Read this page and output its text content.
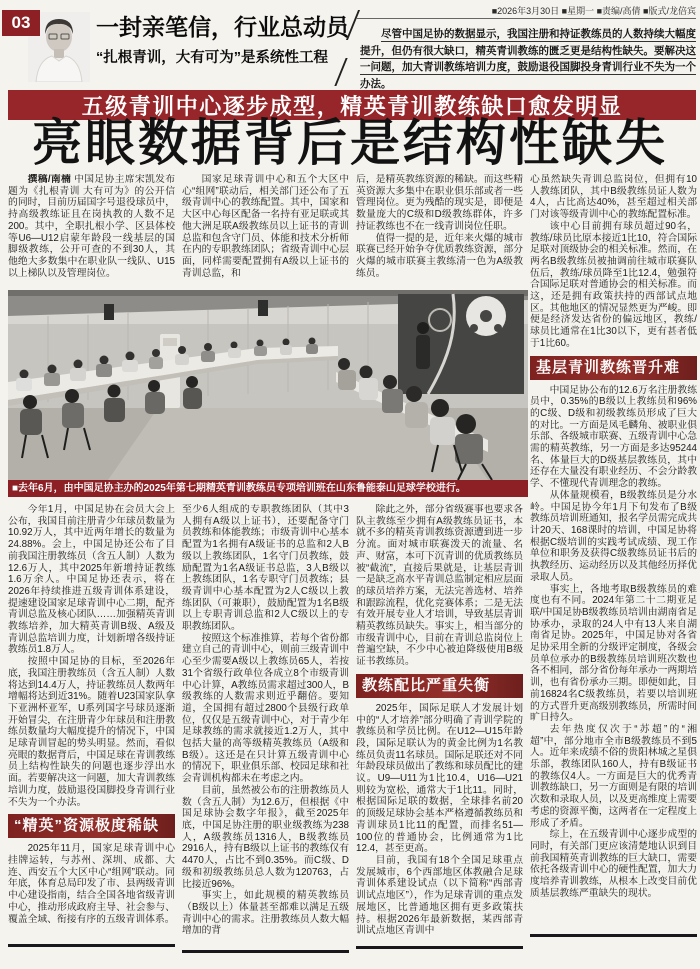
03	一封亲笔信，行业总动员
“扎根青训，大有可为”是系统性工程
■2026年3月30日 ■星期一 ■责编/高倩 ■版式/龙倍宾

尽管中国足协的数据显示，我国注册和持证教练员的人数持续大幅度提升，但仍有很大缺口，精英青训教练的匮乏更是结构性缺失。要解决这一问题，加大青训教练培训力度，鼓励退役国脚投身青训行业不失为一个办法。

五级青训中心逐步成型，精英青训教练缺口愈发明显
亮眼数据背后是结构性缺失

撰稿/南楠 中国足协主席宋凯发布题为《扎根青训 大有可为》的公开信的同时，目前历届国字号退役球员中，持高级教练证且在岗执教的人数不足200。其中，全职扎根小学、区县体校等U6—U12启蒙年龄段一线基层的国脚级教练，公开可查的不到30人，其他绝大多数集中在职业队一线队、U15以上梯队以及管理岗位。

国家足球青训中心和五个大区中心“组网”联动后，相关部门还公布了五级青训中心的教练配置。其中，国家和大区中心每区配备一名持有亚足联或其他大洲足联A级教练员以上证书的青训总监和包含守门员、体能和技术分析师在内的专职教练团队；省级青训中心层面，同样需要配置拥有A级以上证书的青训总监，和

后，是精英教练资源的稀缺。而这些精英资源大多集中在职业俱乐部或者一些管理岗位。更为残酷的现实是，即便是数量庞大的C级和D级教练群体，许多持证教练也不在一线青训岗位任职。

值得一提的是，近年来火爆的城市联赛已经开始争夺优质教练资源，部分火爆的城市联赛主教练清一色为A级教练员。

心虽然缺失青训总监岗位，但拥有10人教练团队，其中B级教练员证人数为4人，占比高达40%，甚至超过相关部门对该等级青训中心的教练配置标准。

该中心目前拥有球员超过90名，教练/球员比原本接近1比10，符合国际足联对顶级协会的相关标准。然而，在两名B级教练员被抽调前往城市联赛队伍后，教练/球员降至1比12.4，勉强符合国际足联对普通协会的相关标准。而这，还是拥有政策扶持的西部试点地区。其他地区的情况显然更为严峻。即便是经济发达省份的偏远地区，教练/球员比通常在1比30以下，更有甚者低于1比60。

基层青训教练晋升难

中国足协公布的12.6万名注册教练员中，0.35%的B级以上教练员和96%的C级、D级和初级教练员形成了巨大的对比。一方面是凤毛麟角、被职业俱乐部、各级城市联赛、五级青训中心急需的精英教练，另一方面是多达95244名、体量巨大的D级基层教练员，其中还存在大量没有职业经历、不会分龄教学、不懂现代青训理念的教练。

从体量规模看，B级教练员是分水岭。中国足协今年1月下旬发布了B级教练员培训班通知，报名学员需完成共计20天、168课时的培训，中国足协将根据C级培训的实践考试成绩、现工作单位和职务及获得C级教练员证书后的执教经历、运动经历以及其他经历择优录取人员。

事实上，各地考取B级教练员的难度也有不同。2024年第二十二期亚足联/中国足协B级教练员培训由湖南省足协承办，录取的24人中有13人来自湖南省足协。2025年，中国足协对各省足协采用全新的分级评定制度，各级会员单位承办的B级教练员培训班次数也各不相同，部分省份每年承办一两期培训，也有省份承办三期。即便如此，目前16824名C级教练员，若要以培训班的方式晋升更高级别教练员，所需时间旷日持久。

去年热度仅次于“苏超”的“湘超”中，部分地市全市B级教练员不到5人。近年来成绩不俗的贵阳林城之星俱乐部，教练团队160人，持有B级证书的教练仅4人。一方面是巨大的优秀青训教练缺口，另一方面则是有限的培训次数和录取人员，以及更高维度上需要考虑的资源平衡，这两者在一定程度上形成了矛盾。

综上，在五级青训中心逐步成型的同时，有关部门更应该清楚地认识到目前我国精英青训教练的巨大缺口，需要依托各级青训中心的硬性配置，加大力度培养青训教练，从根本上改变目前优质基层教练严重缺失的现状。

■去年6月，由中国足协主办的2025年第七期精英青训教练员专项培训班在山东鲁能泰山足球学校进行。

今年1月，中国足协在会员大会上公布，我国目前注册青少年球员数量为10.92万人，其中近两年增长的数量为24.88%。会上，中国足协还公布了目前我国注册教练员（含五人制）人数为12.6万人，其中2025年新增持证教练1.6万余人。中国足协还表示，将在2026年持续推进五级青训体系建设，提速建设国家足球青训中心二期，配齐青训总监及核心团队……加强精英青训教练培养，加大精英青训B级、A级及青训总监培训力度，计划新增各级持证教练员1.8万人。

按照中国足协的目标，至2026年底，我国注册教练员（含五人制）人数将达到14.4万人，持证教练员人数两年增幅将达到近31%。随着U23国家队拿下亚洲杯亚军，U系列国字号球员逐渐开始冒尖，在注册青少年球员和注册教练员数量均大幅度提升的情况下，中国足球青训冒起的势头明显。然而，看似亮眼的数据背后，中国足球在青训教练员上结构性缺失的问题也逐步浮出水面。若要解决这一问题，加大青训教练培训力度，鼓励退役国脚投身青训行业不失为一个办法。

“精英”资源极度稀缺

2025年11月，国家足球青训中心挂牌运转，与苏州、深圳、成都、大连、西安五个大区中心“组网”联动。同年底，体育总局印发了市、县两级青训中心建设指南，结合全国各地省级青训中心，推动形成政府主导、社会参与、覆盖全域、衔接有序的五级青训体系。

至少6人组成的专职教练团队（其中3人拥有A级以上证书），还要配备守门员教练和体能教练；市级青训中心基本配置为1名拥有A级证书的总监和2人B级以上教练团队，1名守门员教练，鼓励配置为1名A级证书总监，3人B级以上教练团队，1名专职守门员教练；县级青训中心基本配置为2人C级以上教练团队（可兼职），鼓励配置为1名B级以上专职青训总监和2人C级以上的专职教练团队。

按照这个标准推算，若每个省份都建立自己的青训中心，则前三级青训中心至少需要A级以上教练员65人，若按31个省级行政单位各成立8个市级青训中心计算，A教练员需求超过300人，B级教练的人数需求则近乎翻倍。要知道，全国拥有超过2800个县级行政单位，仅仅是五级青训中心，对于青少年足球教练的需求就接近1.2万人，其中包括大量的高等级精英教练员（A级和B级）。这还是在只计算五级青训中心的情况下，职业俱乐部、校园足球和社会青训机构都未在考虑之内。

目前，虽然被公布的注册教练员人数（含五人制）为12.6万，但根据《中国足球协会数字年报》，截至2025年底，中国足协注册的职业级教练为238人，A级教练员1316人，B级教练员2916人，持有B级以上证书的教练仅有4470人，占比不到0.35%。而C级、D级和初级教练员总人数为120763，占比接近96%。

事实上，如此规模的精英教练员（B级以上）体量甚至都难以满足五级青训中心的需求。注册教练员人数大幅增加的背

除此之外，部分省级赛事也要求各队主教练至少拥有A级教练员证书，本就不多的精英青训教练资源遭到进一步分流。面对城市联赛泼天的流量、名声、财富，本可下沉青训的优质教练员被“截流”，直接后果就是，让基层青训一是缺乏高水平青训总监制定相应层面的球员培养方案，无法完善选材、培养和跟踪流程，优化竞赛体系；二是无法有效开展专业人才培训，导致基层青训精英教练员缺失。事实上，相当部分的市级青训中心，目前在青训总监岗位上普遍空缺，不少中心被迫降级使用B级证书教练员。

教练配比严重失衡

2025年，国际足联人才发展计划中的“人才培养”部分明确了青训学院的教练员和学员比例。在U12—U15年龄段，国际足联认为的黄金比例为1名教练员负责11名球员。国际足联还对不同年龄段球员做出了教练和球员配比的建议。U9—U11为1比10.4，U16—U21则较为宽松，通常大于1比11。同时，根据国际足联的数据，全球排名前20的顶级足球协会基本严格遵循教练员和青训球员1比11的配置，而排名51—100位的普通协会，比例通常为1比12.4，甚至更高。

目前，我国有18个全国足球重点发展城市，6个西部地区体教融合足球青训体系建设试点（以下简称“西部青训试点地区”），作为足球青训的重点发展地区，比普通地区拥有更多政策扶持。根据2026年最新数据，某西部青训试点地区青训中
